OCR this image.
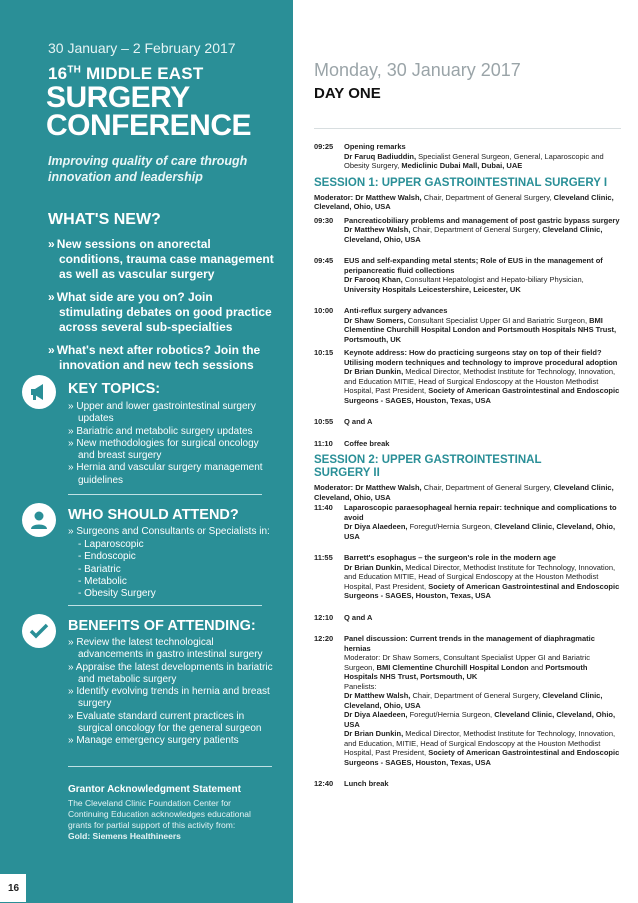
30 January – 2 February 2017
16TH MIDDLE EAST
SURGERY
CONFERENCE
Improving quality of care through innovation and leadership
WHAT'S NEW?
» New sessions on anorectal conditions, trauma case management as well as vascular surgery
» What side are you on? Join stimulating debates on good practice across several sub-specialties
» What's next after robotics? Join the innovation and new tech sessions
KEY TOPICS:
» Upper and lower gastrointestinal surgery updates
» Bariatric and metabolic surgery updates
» New methodologies for surgical oncology and breast surgery
» Hernia and vascular surgery management guidelines
WHO SHOULD ATTEND?
» Surgeons and Consultants or Specialists in:
- Laparoscopic
- Endoscopic
- Bariatric
- Metabolic
- Obesity Surgery
BENEFITS OF ATTENDING:
» Review the latest technological advancements in gastro intestinal surgery
» Appraise the latest developments in bariatric and metabolic surgery
» Identify evolving trends in hernia and breast surgery
» Evaluate standard current practices in surgical oncology for the general surgeon
» Manage emergency surgery patients
Grantor Acknowledgment Statement
The Cleveland Clinic Foundation Center for Continuing Education acknowledges educational grants for partial support of this activity from:
Gold: Siemens Healthineers
16
Monday, 30 January 2017
DAY ONE
09:25	Opening remarks
Dr Faruq Badiuddin, Specialist General Surgeon, General, Laparoscopic and Obesity Surgery, Mediclinic Dubai Mall, Dubai, UAE
SESSION 1: UPPER GASTROINTESTINAL SURGERY I
Moderator: Dr Matthew Walsh, Chair, Department of General Surgery, Cleveland Clinic, Cleveland, Ohio, USA
09:30	Pancreaticobiliary problems and management of post gastric bypass surgery
Dr Matthew Walsh, Chair, Department of General Surgery, Cleveland Clinic, Cleveland, Ohio, USA
09:45	EUS and self-expanding metal stents; Role of EUS in the management of peripancreatic fluid collections
Dr Farooq Khan, Consultant Hepatologist and Hepato-biliary Physician, University Hospitals Leicestershire, Leicester, UK
10:00	Anti-reflux surgery advances
Dr Shaw Somers, Consultant Specialist Upper GI and Bariatric Surgeon, BMI Clementine Churchill Hospital London and Portsmouth Hospitals NHS Trust, Portsmouth, UK
10:15	Keynote address: How do practicing surgeons stay on top of their field? Utilising modern techniques and technology to improve procedural adoption
Dr Brian Dunkin, Medical Director, Methodist Institute for Technology, Innovation, and Education MITIE, Head of Surgical Endoscopy at the Houston Methodist Hospital, Past President, Society of American Gastrointestinal and Endoscopic Surgeons - SAGES, Houston, Texas, USA
10:55	Q and A
11:10	Coffee break
SESSION 2: UPPER GASTROINTESTINAL SURGERY II
Moderator: Dr Matthew Walsh, Chair, Department of General Surgery, Cleveland Clinic, Cleveland, Ohio, USA
11:40	Laparoscopic paraesophageal hernia repair: technique and complications to avoid
Dr Diya Alaedeen, Foregut/Hernia Surgeon, Cleveland Clinic, Cleveland, Ohio, USA
11:55	Barrett's esophagus – the surgeon's role in the modern age
Dr Brian Dunkin, Medical Director, Methodist Institute for Technology, Innovation, and Education MITIE, Head of Surgical Endoscopy at the Houston Methodist Hospital, Past President, Society of American Gastrointestinal and Endoscopic Surgeons - SAGES, Houston, Texas, USA
12:10	Q and A
12:20	Panel discussion: Current trends in the management of diaphragmatic hernias
Moderator: Dr Shaw Somers, Consultant Specialist Upper GI and Bariatric Surgeon, BMI Clementine Churchill Hospital London and Portsmouth Hospitals NHS Trust, Portsmouth, UK
Panelists:
Dr Matthew Walsh, Chair, Department of General Surgery, Cleveland Clinic, Cleveland, Ohio, USA
Dr Diya Alaedeen, Foregut/Hernia Surgeon, Cleveland Clinic, Cleveland, Ohio, USA
Dr Brian Dunkin, Medical Director, Methodist Institute for Technology, Innovation, and Education, MITIE, Head of Surgical Endoscopy at the Houston Methodist Hospital, Past President, Society of American Gastrointestinal and Endoscopic Surgeons - SAGES, Houston, Texas, USA
12:40	Lunch break
